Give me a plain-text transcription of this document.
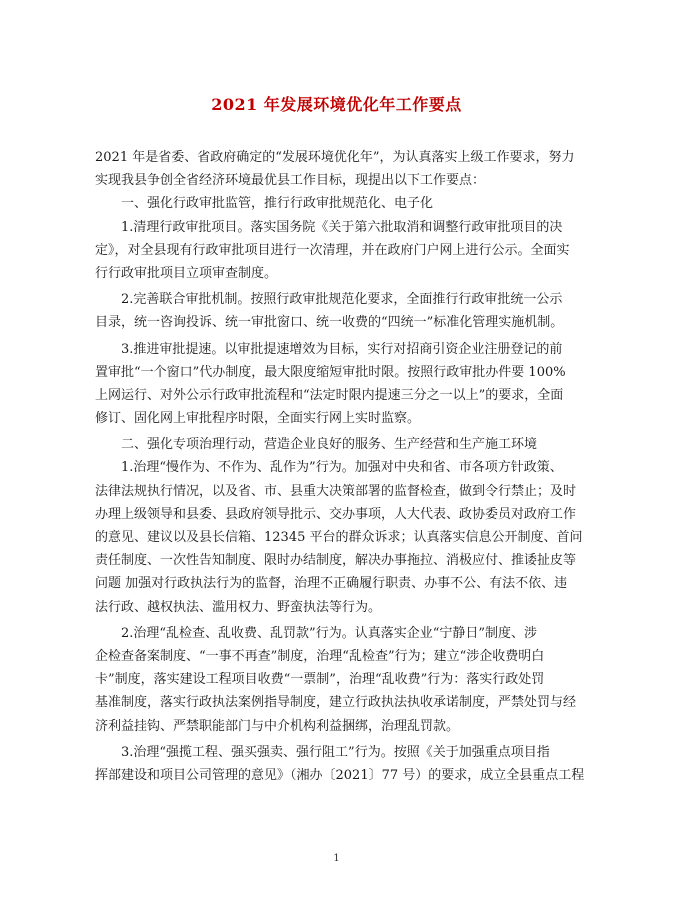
2021 年发展环境优化年工作要点
2021 年是省委、省政府确定的“发展环境优化年”，为认真落实上级工作要求，努力
实现我县争创全省经济环境最优县工作目标，现提出以下工作要点：
一、强化行政审批监管，推行行政审批规范化、电子化
1.清理行政审批项目。落实国务院《关于第六批取消和调整行政审批项目的决
定》，对全县现有行政审批项目进行一次清理，并在政府门户网上进行公示。全面实
行行政审批项目立项审查制度。
2.完善联合审批机制。按照行政审批规范化要求，全面推行行政审批统一公示
目录，统一咨询投诉、统一审批窗口、统一收费的“四统一”标准化管理实施机制。
3.推进审批提速。以审批提速增效为目标，实行对招商引资企业注册登记的前
置审批“一个窗口”代办制度，最大限度缩短审批时限。按照行政审批办件要 100%
上网运行、对外公示行政审批流程和“法定时限内提速三分之一以上”的要求，全面
修订、固化网上审批程序时限，全面实行网上实时监察。
二、强化专项治理行动，营造企业良好的服务、生产经营和生产施工环境
1.治理“慢作为、不作为、乱作为”行为。加强对中央和省、市各项方针政策、
法律法规执行情况，以及省、市、县重大决策部署的监督检查，做到令行禁止；及时
办理上级领导和县委、县政府领导批示、交办事项，人大代表、政协委员对政府工作
的意见、建议以及县长信箱、12345 平台的群众诉求；认真落实信息公开制度、首问
责任制度、一次性告知制度、限时办结制度，解决办事拖拉、消极应付、推诿扯皮等
问题 加强对行政执法行为的监督，治理不正确履行职责、办事不公、有法不依、违
法行政、越权执法、滥用权力、野蛮执法等行为。
2.治理“乱检查、乱收费、乱罚款”行为。认真落实企业“宁静日”制度、涉
企检查备案制度、“一事不再查”制度，治理“乱检查”行为；建立“涉企收费明白
卡”制度，落实建设工程项目收费“一票制”，治理“乱收费”行为：落实行政处罚
基准制度，落实行政执法案例指导制度，建立行政执法执收承诺制度，严禁处罚与经
济利益挂钩、严禁职能部门与中介机构利益捆绑，治理乱罚款。
3.治理“强揽工程、强买强卖、强行阻工”行为。按照《关于加强重点项目指
挥部建设和项目公司管理的意见》（湘办〔2021〕77 号）的要求，成立全县重点工程
1
